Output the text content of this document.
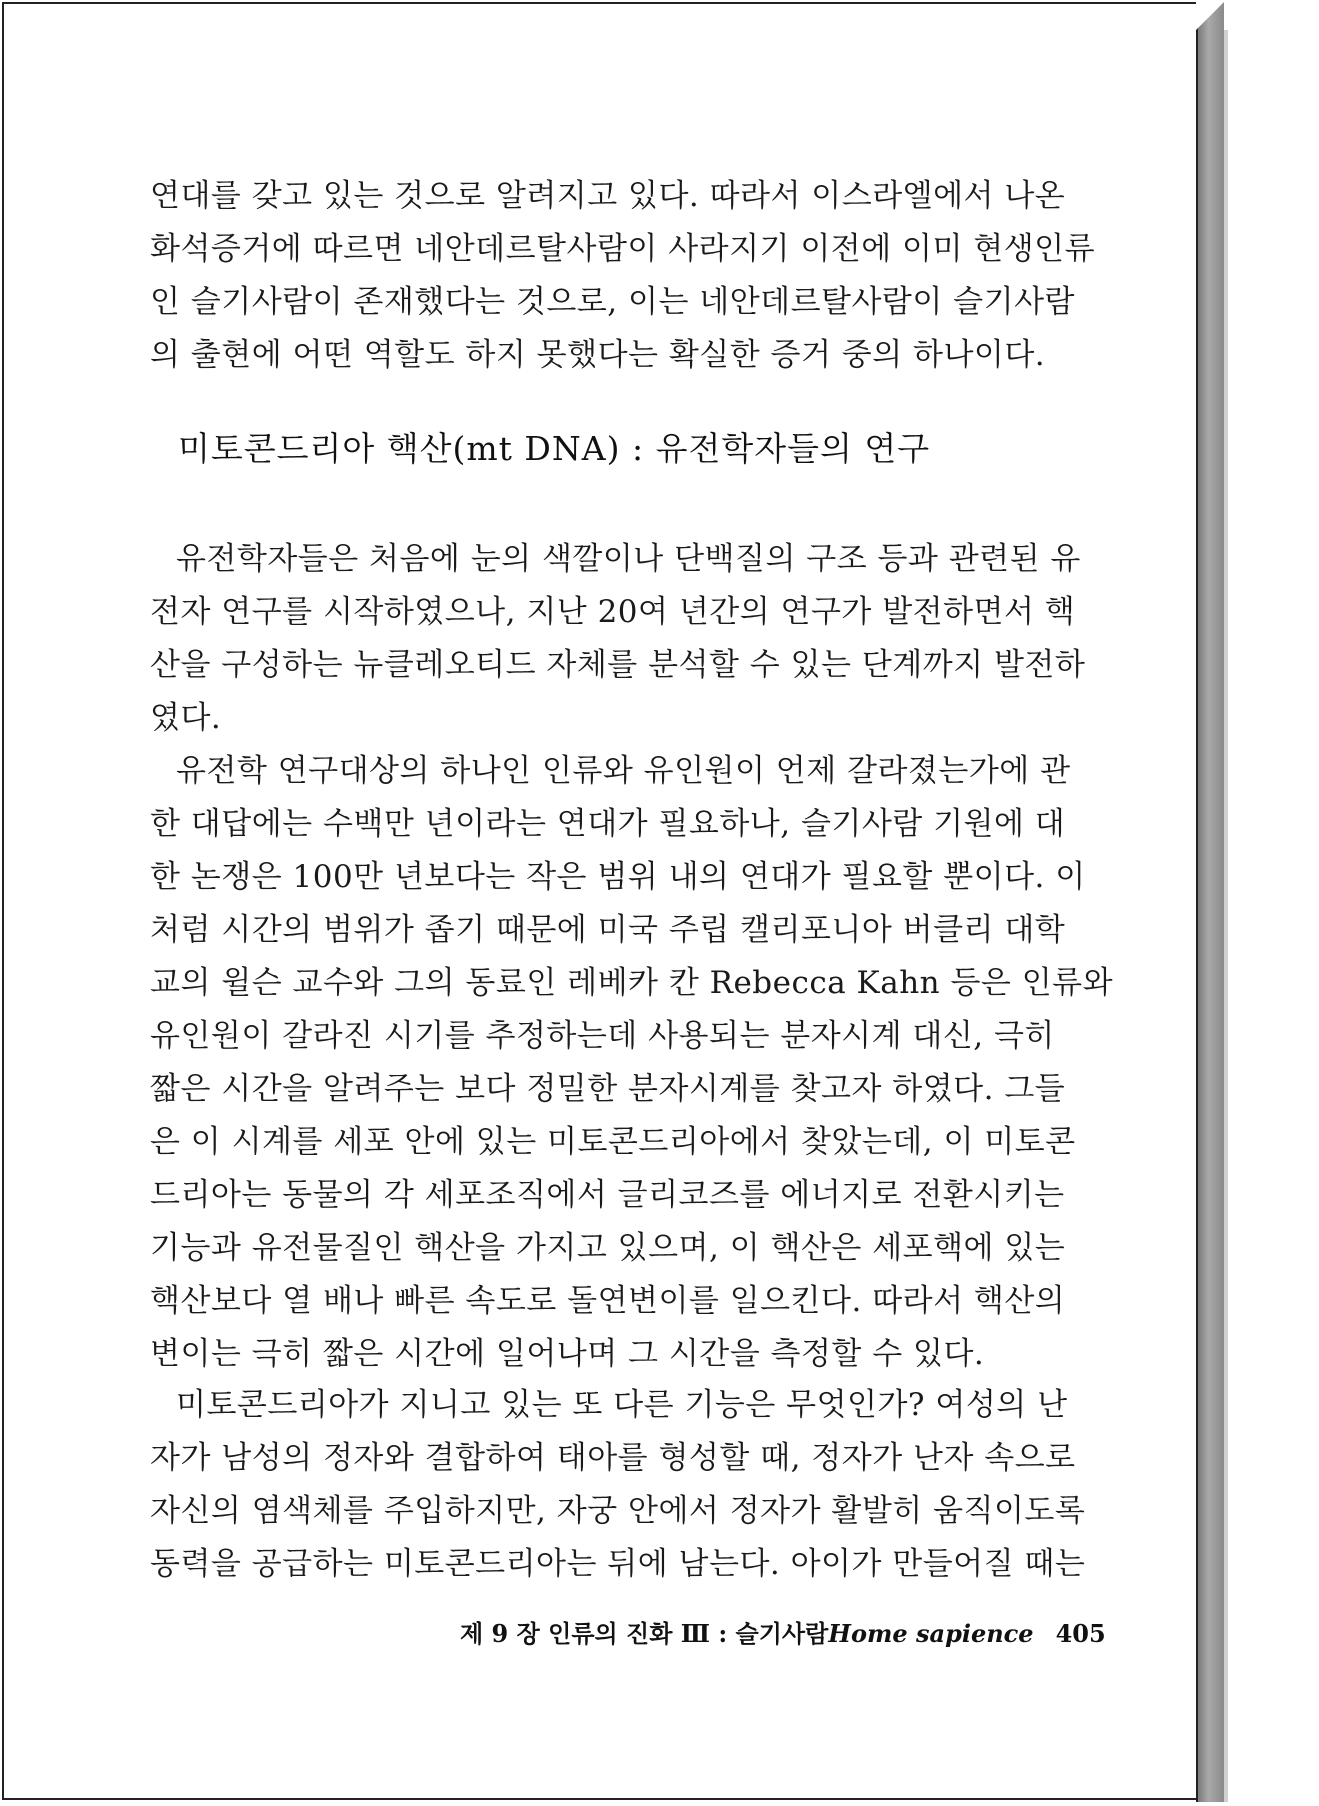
연대를 갖고 있는 것으로 알려지고 있다. 따라서 이스라엘에서 나온
화석증거에 따르면 네안데르탈사람이 사라지기 이전에 이미 현생인류
인 슬기사람이 존재했다는 것으로, 이는 네안데르탈사람이 슬기사람
의 출현에 어떤 역할도 하지 못했다는 확실한 증거 중의 하나이다.
미토콘드리아 핵산(mt DNA) : 유전학자들의 연구
유전학자들은 처음에 눈의 색깔이나 단백질의 구조 등과 관련된 유
전자 연구를 시작하였으나, 지난 20여 년간의 연구가 발전하면서 핵
산을 구성하는 뉴클레오티드 자체를 분석할 수 있는 단계까지 발전하
였다.
유전학 연구대상의 하나인 인류와 유인원이 언제 갈라졌는가에 관
한 대답에는 수백만 년이라는 연대가 필요하나, 슬기사람 기원에 대
한 논쟁은 100만 년보다는 작은 범위 내의 연대가 필요할 뿐이다. 이
처럼 시간의 범위가 좁기 때문에 미국 주립 캘리포니아 버클리 대학
교의 윌슨 교수와 그의 동료인 레베카 칸 Rebecca Kahn 등은 인류와
유인원이 갈라진 시기를 추정하는데 사용되는 분자시계 대신, 극히
짧은 시간을 알려주는 보다 정밀한 분자시계를 찾고자 하였다. 그들
은 이 시계를 세포 안에 있는 미토콘드리아에서 찾았는데, 이 미토콘
드리아는 동물의 각 세포조직에서 글리코즈를 에너지로 전환시키는
기능과 유전물질인 핵산을 가지고 있으며, 이 핵산은 세포핵에 있는
핵산보다 열 배나 빠른 속도로 돌연변이를 일으킨다. 따라서 핵산의
변이는 극히 짧은 시간에 일어나며 그 시간을 측정할 수 있다.
미토콘드리아가 지니고 있는 또 다른 기능은 무엇인가? 여성의 난
자가 남성의 정자와 결합하여 태아를 형성할 때, 정자가 난자 속으로
자신의 염색체를 주입하지만, 자궁 안에서 정자가 활발히 움직이도록
동력을 공급하는 미토콘드리아는 뒤에 남는다. 아이가 만들어질 때는
제 9 장 인류의 진화 Ⅲ : 슬기사람Home sapience 405
